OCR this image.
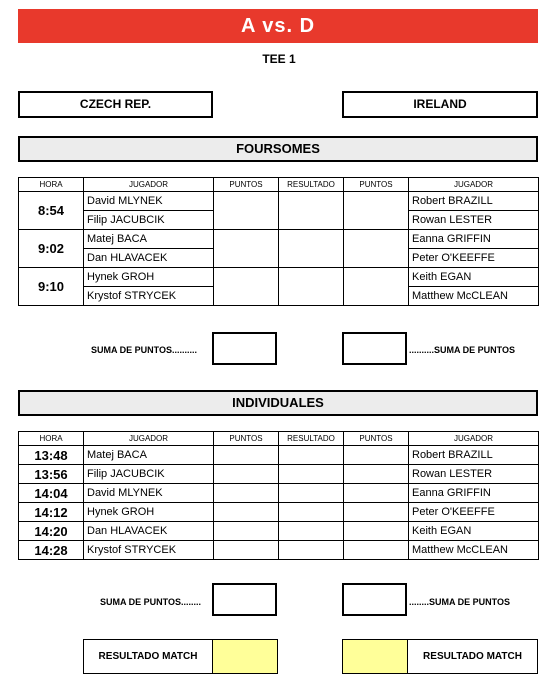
A vs. D
TEE 1
CZECH REP.	IRELAND
FOURSOMES
HORA	JUGADOR	PUNTOS	RESULTADO	PUNTOS	JUGADOR
8:54	David MLYNEK				Robert BRAZILL
	Filip JACUBCIK				Rowan LESTER
9:02	Matej BACA				Eanna GRIFFIN
	Dan HLAVACEK				Peter O'KEEFFE
9:10	Hynek GROH				Keith EGAN
	Krystof STRYCEK				Matthew McCLEAN
SUMA DE PUNTOS..........	..........SUMA DE PUNTOS
INDIVIDUALES
HORA	JUGADOR	PUNTOS	RESULTADO	PUNTOS	JUGADOR
13:48	Matej BACA				Robert BRAZILL
13:56	Filip JACUBCIK				Rowan LESTER
14:04	David MLYNEK				Eanna GRIFFIN
14:12	Hynek GROH				Peter O'KEEFFE
14:20	Dan HLAVACEK				Keith EGAN
14:28	Krystof STRYCEK				Matthew McCLEAN
SUMA DE PUNTOS........	........SUMA DE PUNTOS
RESULTADO MATCH	RESULTADO MATCH
